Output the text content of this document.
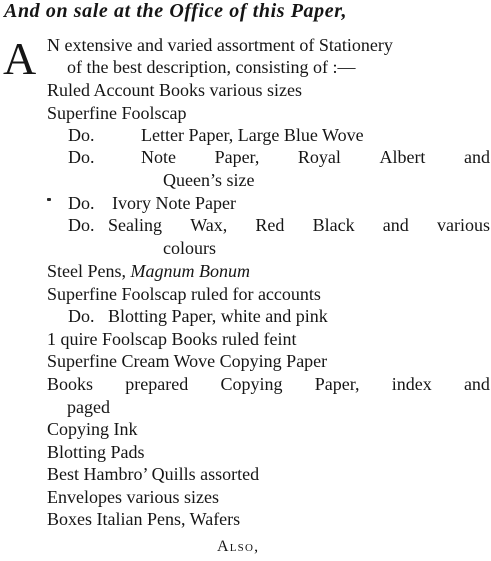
And on sale at the Office of this Paper,
A N extensive and varied assortment of Stationery
of the best description, consisting of :—
Ruled Account Books various sizes
Superfine Foolscap
Do.	Letter Paper, Large Blue Wove
Do.	Note Paper, Royal Albert and
Queen’s size
Do. Ivory Note Paper
Do. Sealing Wax, Red Black and various
colours
Steel Pens, Magnum Bonum
Superfine Foolscap ruled for accounts
Do. Blotting Paper, white and pink
1 quire Foolscap Books ruled feint
Superfine Cream Wove Copying Paper
Books prepared Copying Paper, index and
paged
Copying Ink
Blotting Pads
Best Hambro’ Quills assorted
Envelopes various sizes
Boxes Italian Pens, Wafers
Also,
